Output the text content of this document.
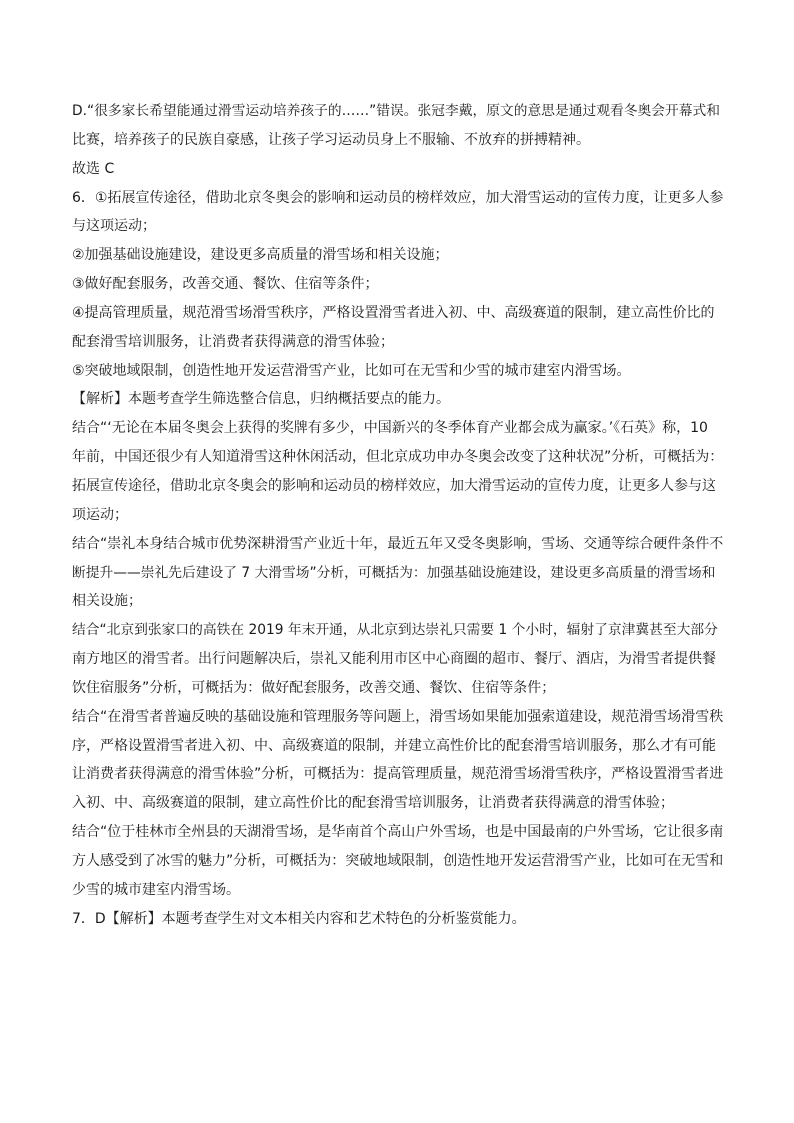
D.“很多家长希望能通过滑雪运动培养孩子的……”错误。张冠李戴，原文的意思是通过观看冬奥会开幕式和
比赛，培养孩子的民族自豪感，让孩子学习运动员身上不服输、不放弃的拼搏精神。
故选 C
6．①拓展宣传途径，借助北京冬奥会的影响和运动员的榜样效应，加大滑雪运动的宣传力度，让更多人参
与这项运动；
②加强基础设施建设，建设更多高质量的滑雪场和相关设施；
③做好配套服务，改善交通、餐饮、住宿等条件；
④提高管理质量，规范滑雪场滑雪秩序，严格设置滑雪者进入初、中、高级赛道的限制，建立高性价比的
配套滑雪培训服务，让消费者获得满意的滑雪体验；
⑤突破地域限制，创造性地开发运营滑雪产业，比如可在无雪和少雪的城市建室内滑雪场。
【解析】本题考查学生筛选整合信息，归纳概括要点的能力。
结合“‘无论在本届冬奥会上获得的奖牌有多少，中国新兴的冬季体育产业都会成为赢家。’《石英》称，10
年前，中国还很少有人知道滑雪这种休闲活动，但北京成功申办冬奥会改变了这种状况”分析，可概括为：
拓展宣传途径，借助北京冬奥会的影响和运动员的榜样效应，加大滑雪运动的宣传力度，让更多人参与这
项运动；
结合“崇礼本身结合城市优势深耕滑雪产业近十年，最近五年又受冬奥影响，雪场、交通等综合硬件条件不
断提升——崇礼先后建设了 7 大滑雪场”分析，可概括为：加强基础设施建设，建设更多高质量的滑雪场和
相关设施；
结合“北京到张家口的高铁在 2019 年末开通，从北京到达崇礼只需要 1 个小时，辐射了京津冀甚至大部分
南方地区的滑雪者。出行问题解决后，崇礼又能利用市区中心商圈的超市、餐厅、酒店，为滑雪者提供餐
饮住宿服务”分析，可概括为：做好配套服务，改善交通、餐饮、住宿等条件；
结合“在滑雪者普遍反映的基础设施和管理服务等问题上，滑雪场如果能加强索道建设，规范滑雪场滑雪秩
序，严格设置滑雪者进入初、中、高级赛道的限制，并建立高性价比的配套滑雪培训服务，那么才有可能
让消费者获得满意的滑雪体验”分析，可概括为：提高管理质量，规范滑雪场滑雪秩序，严格设置滑雪者进
入初、中、高级赛道的限制，建立高性价比的配套滑雪培训服务，让消费者获得满意的滑雪体验；
结合“位于桂林市全州县的天湖滑雪场，是华南首个高山户外雪场，也是中国最南的户外雪场，它让很多南
方人感受到了冰雪的魅力”分析，可概括为：突破地域限制，创造性地开发运营滑雪产业，比如可在无雪和
少雪的城市建室内滑雪场。
7．D【解析】本题考查学生对文本相关内容和艺术特色的分析鉴赏能力。
